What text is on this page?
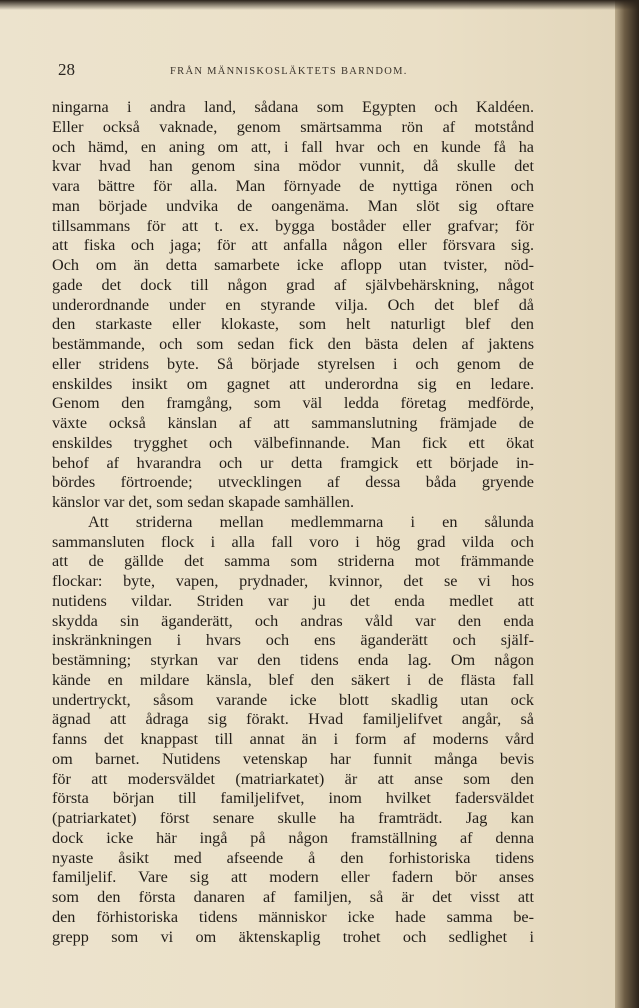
28	FRÅN MÄNNISKOSLÄKTETS BARNDOM.
ningarna i andra land, sådana som Egypten och Kaldéen.
Eller också vaknade, genom smärtsamma rön af motstånd
och hämd, en aning om att, i fall hvar och en kunde få ha
kvar hvad han genom sina mödor vunnit, då skulle det
vara bättre för alla. Man förnyade de nyttiga rönen och
man började undvika de oangenäma. Man slöt sig oftare
tillsammans för att t. ex. bygga boståder eller grafvar; för
att fiska och jaga; för att anfalla någon eller försvara sig.
Och om än detta samarbete icke aflopp utan tvister, nöd-
gade det dock till någon grad af självbehärskning, något
underordnande under en styrande vilja. Och det blef då
den starkaste eller klokaste, som helt naturligt blef den
bestämmande, och som sedan fick den bästa delen af jaktens
eller stridens byte. Så började styrelsen i och genom de
enskildes insikt om gagnet att underordna sig en ledare.
Genom den framgång, som väl ledda företag medförde,
växte också känslan af att sammanslutning främjade de
enskildes trygghet och välbefinnande. Man fick ett ökat
behof af hvarandra och ur detta framgick ett började in-
bördes förtroende; utvecklingen af dessa båda gryende
känslor var det, som sedan skapade samhällen.
Att striderna mellan medlemmarna i en sålunda
sammansluten flock i alla fall voro i hög grad vilda och
att de gällde det samma som striderna mot främmande
flockar: byte, vapen, prydnader, kvinnor, det se vi hos
nutidens vildar. Striden var ju det enda medlet att
skydda sin äganderätt, och andras våld var den enda
inskränkningen i hvars och ens äganderätt och själf-
bestämning; styrkan var den tidens enda lag. Om någon
kände en mildare känsla, blef den säkert i de flästa fall
undertryckt, såsom varande icke blott skadlig utan ock
ägnad att ådraga sig förakt. Hvad familjelifvet angår, så
fanns det knappast till annat än i form af moderns vård
om barnet. Nutidens vetenskap har funnit många bevis
för att modersväldet (matriarkatet) är att anse som den
första början till familjelifvet, inom hvilket fadersväldet
(patriarkatet) först senare skulle ha framträdt. Jag kan
dock icke här ingå på någon framställning af denna
nyaste åsikt med afseende å den forhistoriska tidens
familjelif. Vare sig att modern eller fadern bör anses
som den första danaren af familjen, så är det visst att
den förhistoriska tidens människor icke hade samma be-
grepp som vi om äktenskaplig trohet och sedlighet i
